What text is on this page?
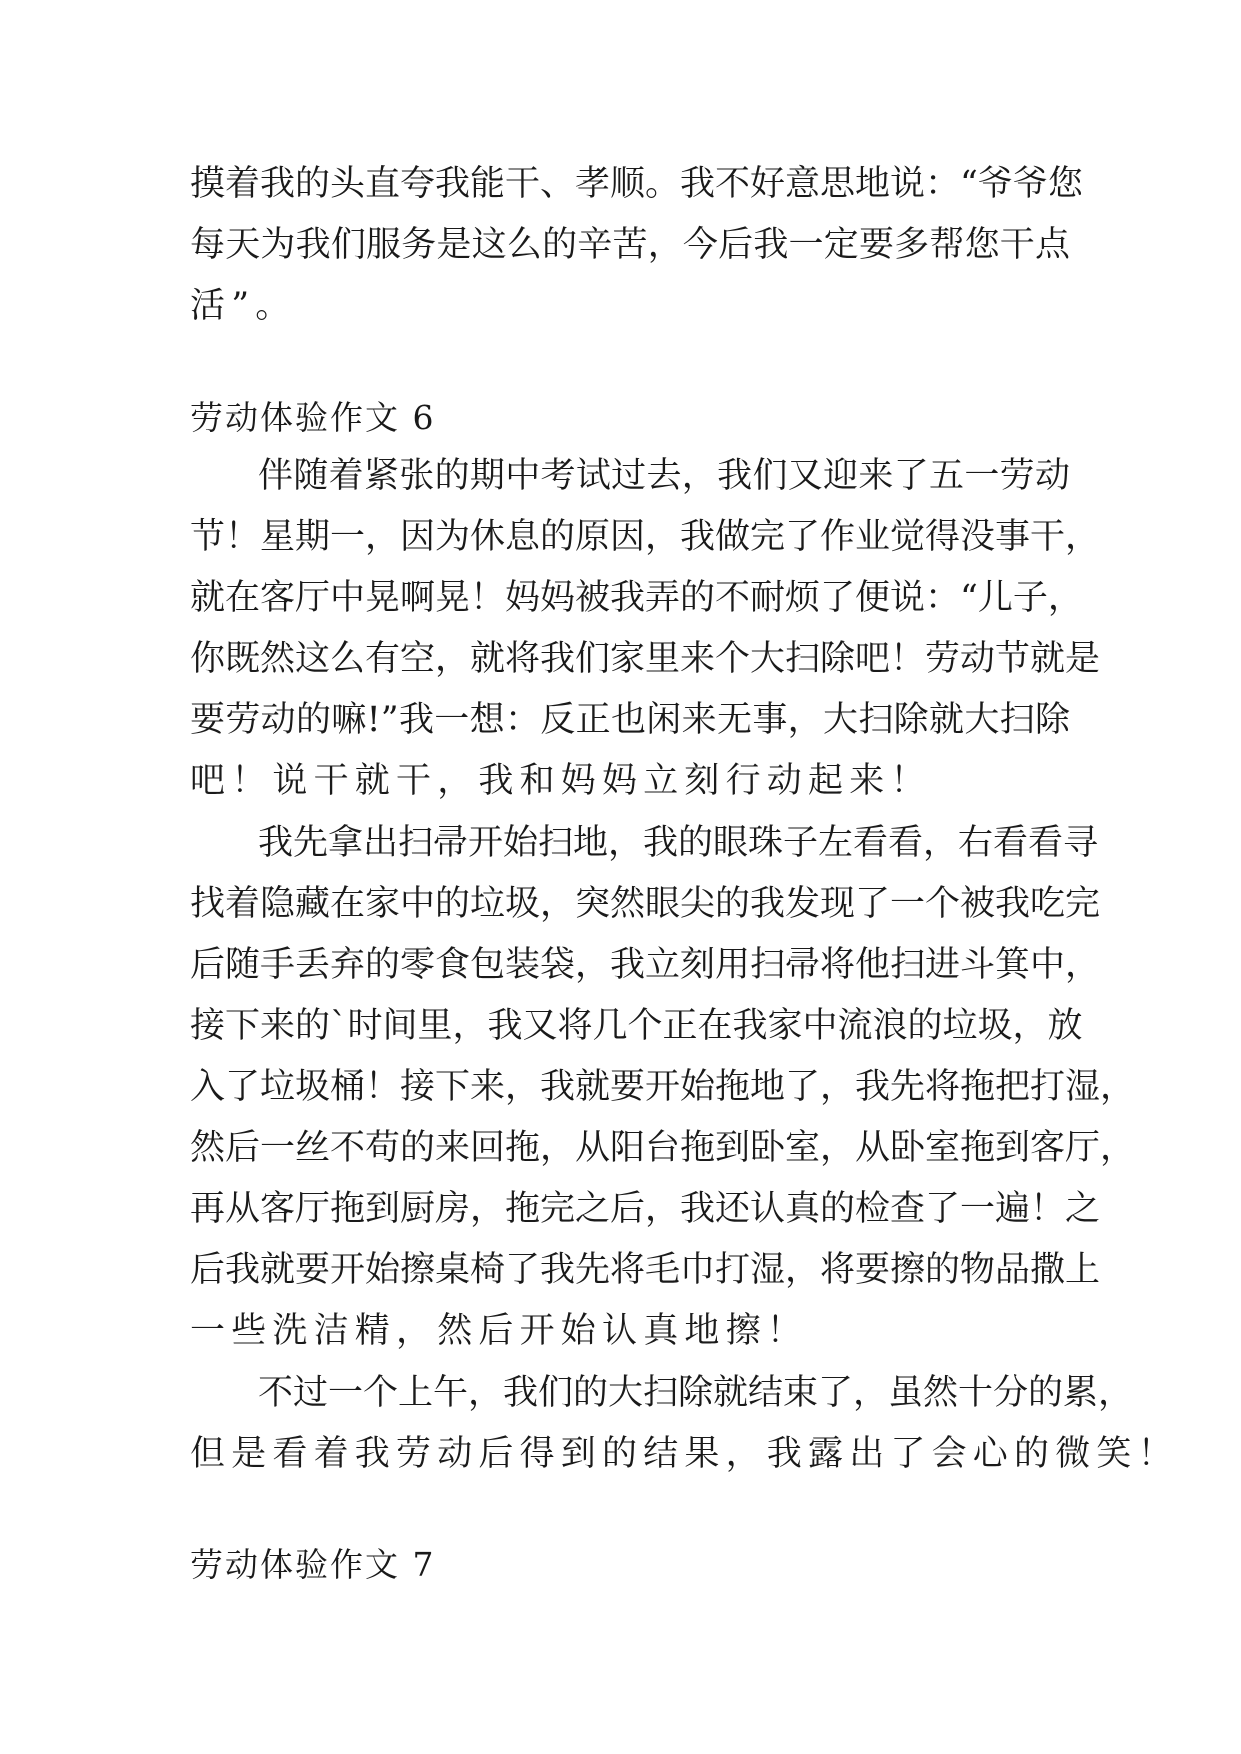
摸着我的头直夸我能干、孝顺。我不好意思地说：“爷爷您
每天为我们服务是这么的辛苦，今后我一定要多帮您干点
活”。
劳动体验作文 6
伴随着紧张的期中考试过去，我们又迎来了五一劳动
节！星期一，因为休息的原因，我做完了作业觉得没事干，
就在客厅中晃啊晃！妈妈被我弄的不耐烦了便说：“儿子，
你既然这么有空，就将我们家里来个大扫除吧！劳动节就是
要劳动的嘛!”我一想：反正也闲来无事，大扫除就大扫除
吧！说干就干，我和妈妈立刻行动起来！
我先拿出扫帚开始扫地，我的眼珠子左看看，右看看寻
找着隐藏在家中的垃圾，突然眼尖的我发现了一个被我吃完
后随手丢弃的零食包装袋，我立刻用扫帚将他扫进斗箕中，
接下来的`时间里，我又将几个正在我家中流浪的垃圾，放
入了垃圾桶！接下来，我就要开始拖地了，我先将拖把打湿，
然后一丝不苟的来回拖，从阳台拖到卧室，从卧室拖到客厅，
再从客厅拖到厨房，拖完之后，我还认真的检查了一遍！之
后我就要开始擦桌椅了我先将毛巾打湿，将要擦的物品撒上
一些洗洁精，然后开始认真地擦！
不过一个上午，我们的大扫除就结束了，虽然十分的累，
但是看着我劳动后得到的结果，我露出了会心的微笑！
劳动体验作文 7
